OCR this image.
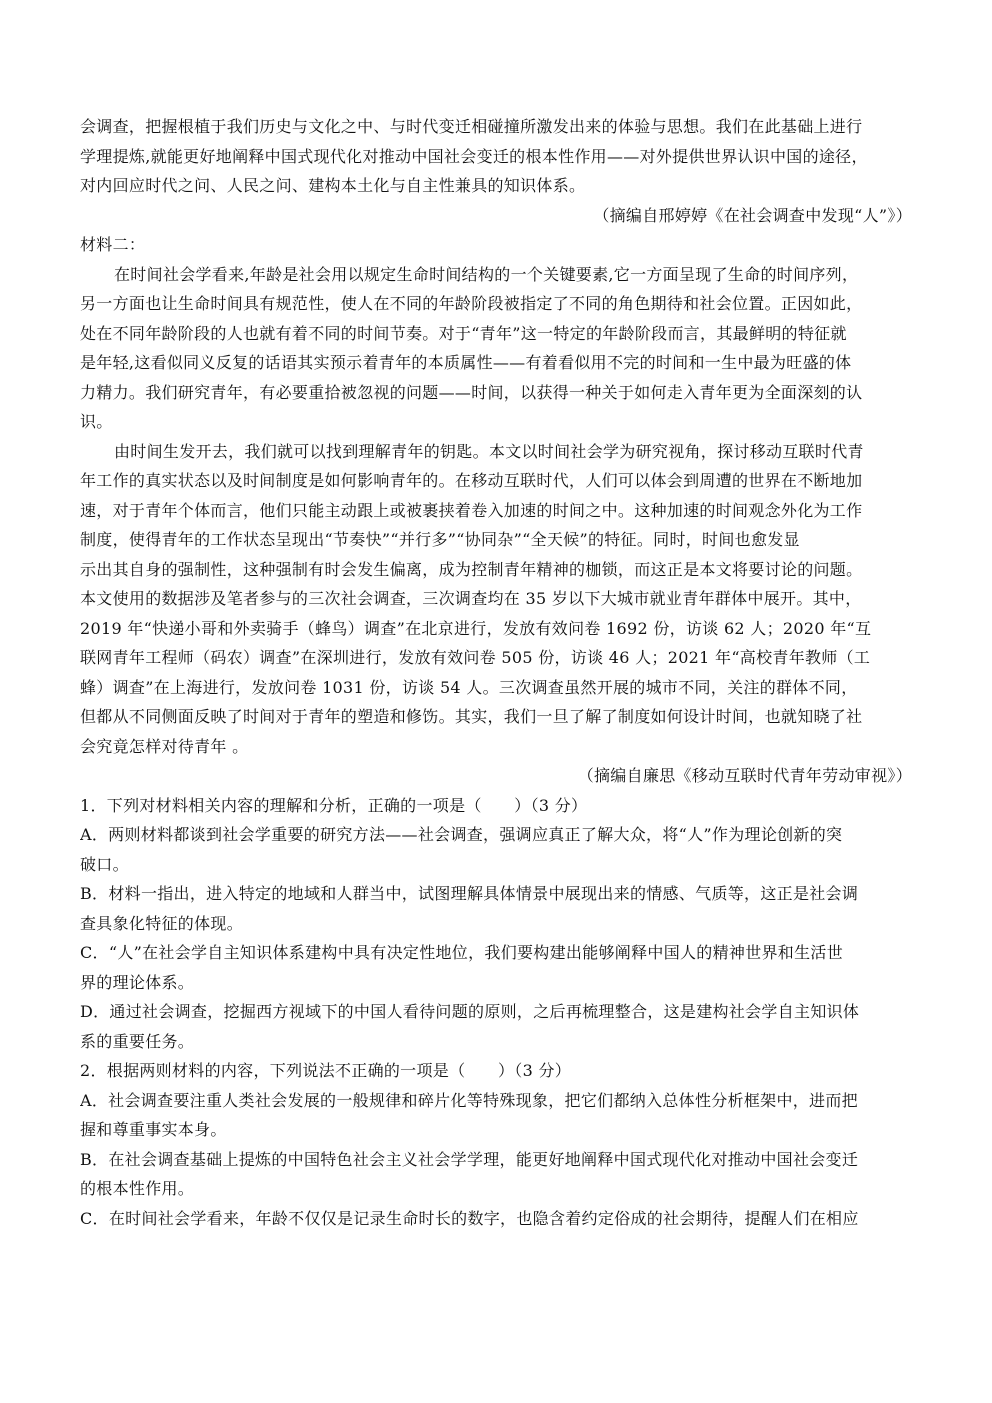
会调查，把握根植于我们历史与文化之中、与时代变迁相碰撞所激发出来的体验与思想。我们在此基础上进行
学理提炼,就能更好地阐释中国式现代化对推动中国社会变迁的根本性作用——对外提供世界认识中国的途径，
对内回应时代之问、人民之问、建构本土化与自主性兼具的知识体系。
（摘编自邢婷婷《在社会调查中发现“人”》）
材料二：
在时间社会学看来,年龄是社会用以规定生命时间结构的一个关键要素,它一方面呈现了生命的时间序列，
另一方面也让生命时间具有规范性，使人在不同的年龄阶段被指定了不同的角色期待和社会位置。正因如此，
处在不同年龄阶段的人也就有着不同的时间节奏。对于“青年”这一特定的年龄阶段而言，其最鲜明的特征就
是年轻,这看似同义反复的话语其实预示着青年的本质属性——有着看似用不完的时间和一生中最为旺盛的体
力精力。我们研究青年，有必要重拾被忽视的问题——时间，以获得一种关于如何走入青年更为全面深刻的认
识。
由时间生发开去，我们就可以找到理解青年的钥匙。本文以时间社会学为研究视角，探讨移动互联时代青
年工作的真实状态以及时间制度是如何影响青年的。在移动互联时代，人们可以体会到周遭的世界在不断地加
速，对于青年个体而言，他们只能主动跟上或被裹挟着卷入加速的时间之中。这种加速的时间观念外化为工作
制度，使得青年的工作状态呈现出“节奏快”“并行多”“协同杂”“全天候”的特征。同时，时间也愈发显
示出其自身的强制性，这种强制有时会发生偏离，成为控制青年精神的枷锁，而这正是本文将要讨论的问题。
本文使用的数据涉及笔者参与的三次社会调查，三次调查均在 35 岁以下大城市就业青年群体中展开。其中，
2019 年“快递小哥和外卖骑手（蜂鸟）调查”在北京进行，发放有效问卷 1692 份，访谈 62 人；2020 年“互
联网青年工程师（码农）调查”在深圳进行，发放有效问卷 505 份，访谈 46 人；2021 年“高校青年教师（工
蜂）调查”在上海进行，发放问卷 1031 份，访谈 54 人。三次调查虽然开展的城市不同，关注的群体不同，
但都从不同侧面反映了时间对于青年的塑造和修饬。其实，我们一旦了解了制度如何设计时间，也就知晓了社
会究竟怎样对待青年 。
（摘编自廉思《移动互联时代青年劳动审视》）
1．下列对材料相关内容的理解和分析，正确的一项是（　　）（3 分）
A．两则材料都谈到社会学重要的研究方法——社会调查，强调应真正了解大众，将“人”作为理论创新的突
破口。
B．材料一指出，进入特定的地域和人群当中，试图理解具体情景中展现出来的情感、气质等，这正是社会调
查具象化特征的体现。
C．“人”在社会学自主知识体系建构中具有决定性地位，我们要构建出能够阐释中国人的精神世界和生活世
界的理论体系。
D．通过社会调查，挖掘西方视域下的中国人看待问题的原则，之后再梳理整合，这是建构社会学自主知识体
系的重要任务。
2．根据两则材料的内容，下列说法不正确的一项是（　　）（3 分）
A．社会调查要注重人类社会发展的一般规律和碎片化等特殊现象，把它们都纳入总体性分析框架中，进而把
握和尊重事实本身。
B．在社会调查基础上提炼的中国特色社会主义社会学学理，能更好地阐释中国式现代化对推动中国社会变迁
的根本性作用。
C．在时间社会学看来，年龄不仅仅是记录生命时长的数字，也隐含着约定俗成的社会期待，提醒人们在相应
